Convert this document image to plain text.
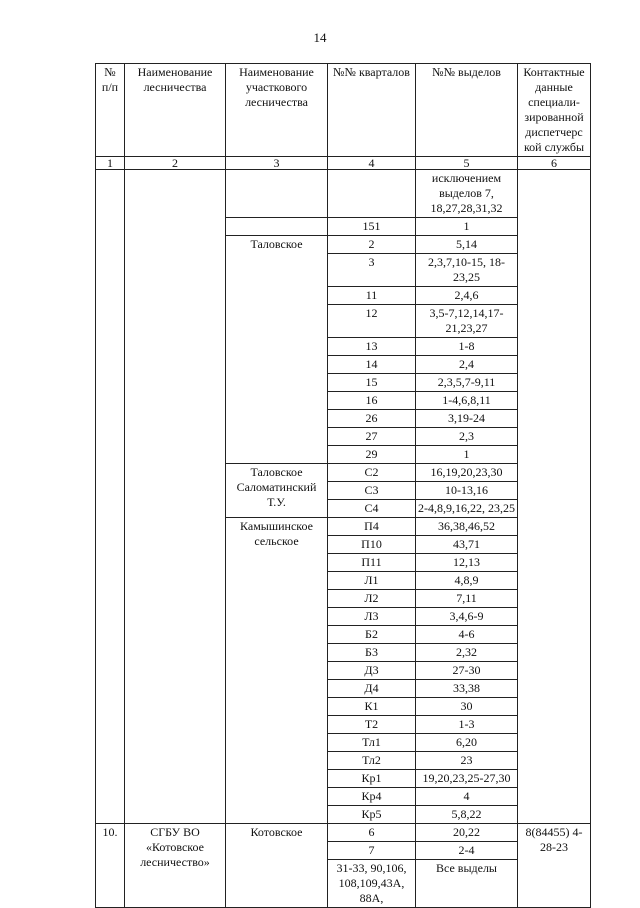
14
№ п/п	Наименование лесничества	Наименование участкового лесничества	№№ кварталов	№№ выделов	Контактные данные специали-зированной диспетчерс кой службы
1	2	3	4	5	6
				исключением выделов 7, 18,27,28,31,32	
			151	1	
		Таловское	2	5,14	
			3	2,3,7,10-15, 18-23,25	
			11	2,4,6	
			12	3,5-7,12,14,17-21,23,27	
			13	1-8	
			14	2,4	
			15	2,3,5,7-9,11	
			16	1-4,6,8,11	
			26	3,19-24	
			27	2,3	
			29	1	
		Таловское Саломатинский Т.У.	С2	16,19,20,23,30	
			С3	10-13,16	
			С4	2-4,8,9,16,22, 23,25	
		Камышинское сельское	П4	36,38,46,52	
			П10	43,71	
			П11	12,13	
			Л1	4,8,9	
			Л2	7,11	
			Л3	3,4,6-9	
			Б2	4-6	
			Б3	2,32	
			Д3	27-30	
			Д4	33,38	
			К1	30	
			Т2	1-3	
			Тл1	6,20	
			Тл2	23	
			Кр1	19,20,23,25-27,30	
			Кр4	4	
			Кр5	5,8,22	
10.	СГБУ ВО «Котовское лесничество»	Котовское	6	20,22	8(84455) 4-28-23
			7	2-4	
			31-33, 90,106, 108,109,43А, 88А,	Все выделы	
